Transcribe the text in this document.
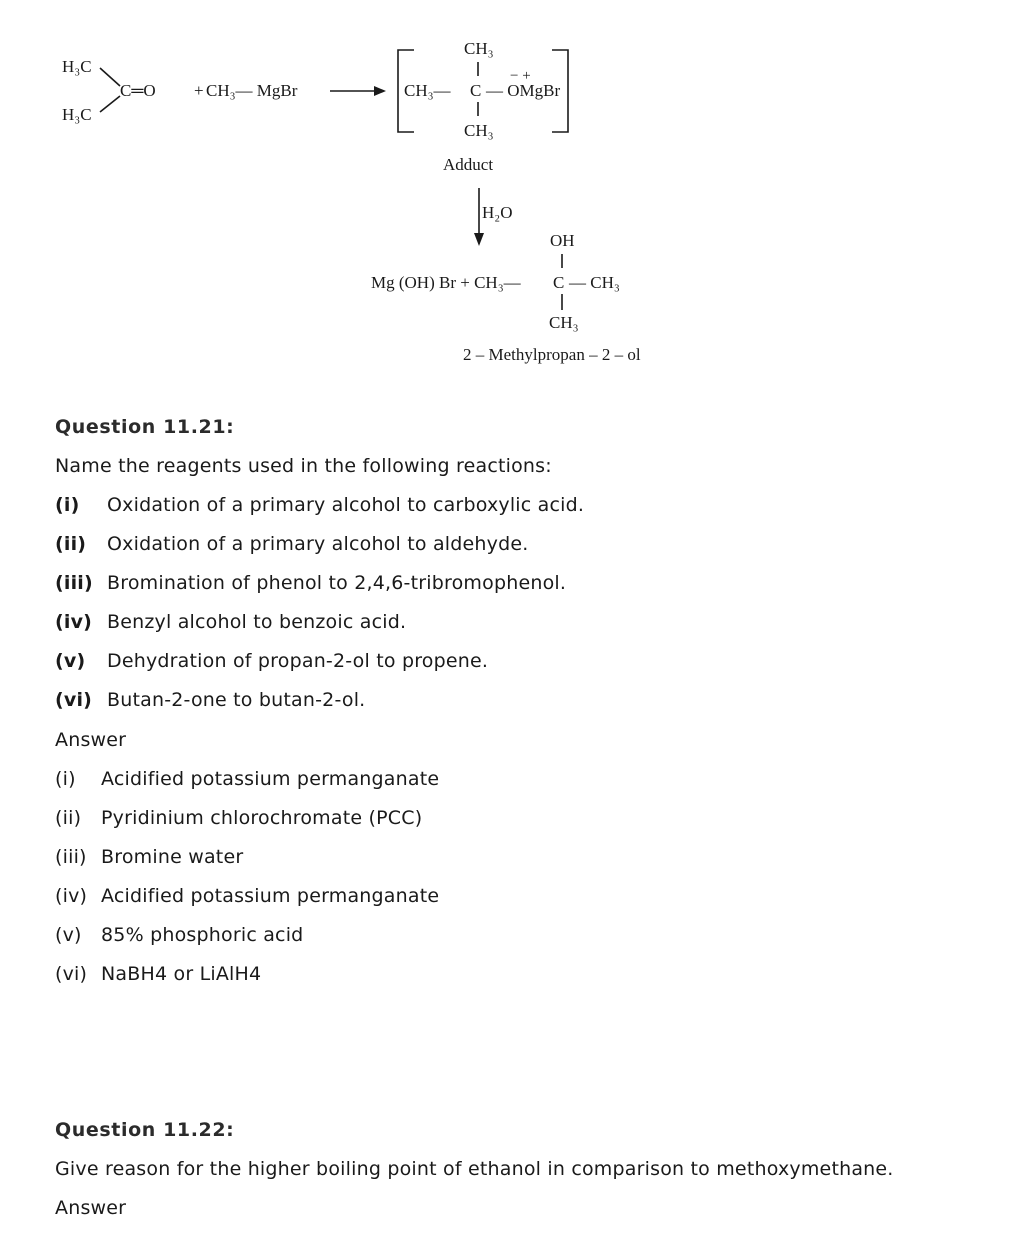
H₃C
H₃C
C═O + CH₃— MgBr
CH₃
CH₃— C — OMgBr
− +
CH₃
Adduct
H₂O
OH
Mg (OH) Br + CH₃— C — CH₃
CH₃
2 – Methylpropan – 2 – ol
Question 11.21:
Name the reagents used in the following reactions:
(i) Oxidation of a primary alcohol to carboxylic acid.
(ii) Oxidation of a primary alcohol to aldehyde.
(iii) Bromination of phenol to 2,4,6-tribromophenol.
(iv) Benzyl alcohol to benzoic acid.
(v) Dehydration of propan-2-ol to propene.
(vi) Butan-2-one to butan-2-ol.
Answer
(i) Acidified potassium permanganate
(ii) Pyridinium chlorochromate (PCC)
(iii) Bromine water
(iv) Acidified potassium permanganate
(v) 85% phosphoric acid
(vi) NaBH4 or LiAlH4
Question 11.22:
Give reason for the higher boiling point of ethanol in comparison to methoxymethane.
Answer
